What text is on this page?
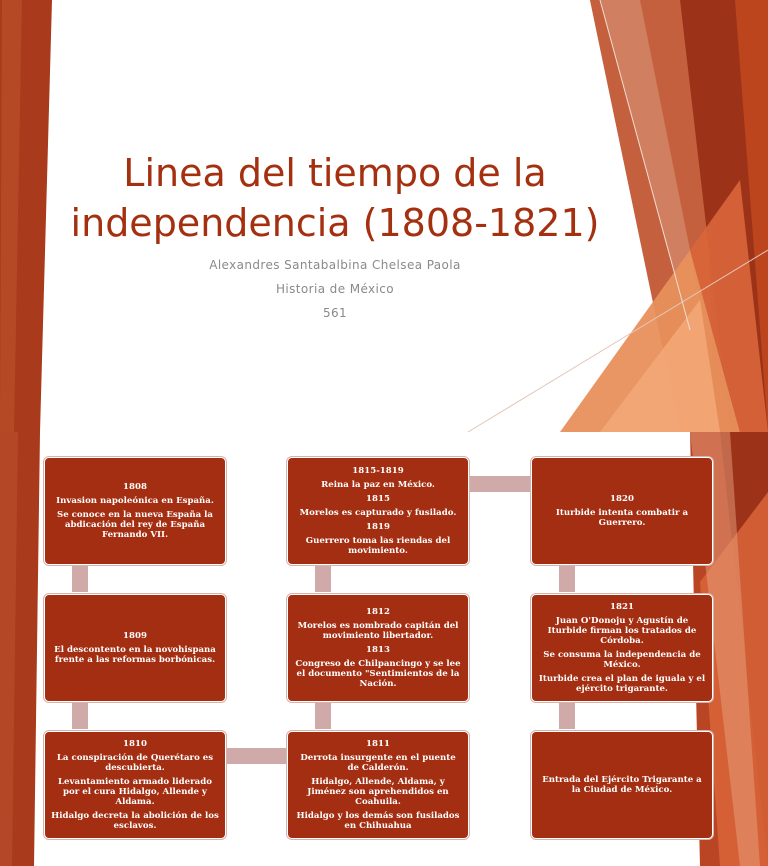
Linea del tiempo de la
independencia (1808-1821)
Alexandres Santabalbina Chelsea Paola
Historia de México
561

1808

Invasion napoleónica en España.

Se conoce en la nueva España la abdicación del rey de España Fernando VII.

1809

El descontento en la novohispana frente a las reformas borbónicas.

1810

La conspiración de Querétaro es descubierta.

Levantamiento armado liderado por el cura Hidalgo, Allende y Aldama.

Hidalgo decreta la abolición de los esclavos.

1811

Derrota insurgente en el puente de Calderón.

Hidalgo, Allende, Aldama, y Jiménez son aprehendidos en Coahuila.

Hidalgo y los demás son fusilados en Chihuahua

1812

Morelos es nombrado capitán del movimiento libertador.

1813

Congreso de Chilpancingo y se lee el documento "Sentimientos de la Nación.

1815-1819

Reina la paz en México.

1815

Morelos es capturado y fusilado.

1819

Guerrero toma las riendas del movimiento.

1820

Iturbide intenta combatir a Guerrero.

1821

Juan O'Donoju y Agustín de Iturbide firman los tratados de Córdoba.

Se consuma la independencia de México.

Iturbide crea el plan de iguala y el ejército trigarante.

Entrada del Ejército Trigarante a la Ciudad de México.
